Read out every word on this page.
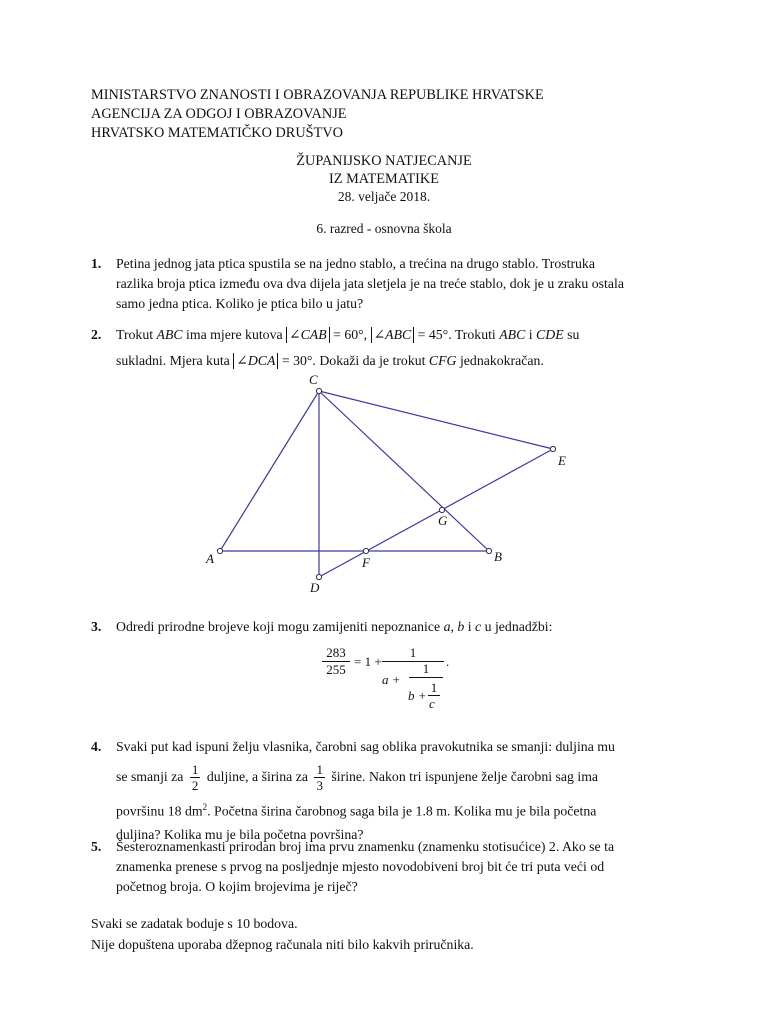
MINISTARSTVO ZNANOSTI I OBRAZOVANJA REPUBLIKE HRVATSKE
AGENCIJA ZA ODGOJ I OBRAZOVANJE
HRVATSKO MATEMATIČKO DRUŠTVO
ŽUPANIJSKO NATJECANJE
IZ MATEMATIKE
28. veljače 2018.
6. razred - osnovna škola
1. Petina jednog jata ptica spustila se na jedno stablo, a trećina na drugo stablo. Trostruka
razlika broja ptica između ova dva dijela jata sletjela je na treće stablo, dok je u zraku ostala
samo jedna ptica. Koliko je ptica bilo u jatu?
2. Trokut ABC ima mjere kutova ∠CAB = 60°, ∠ABC = 45°. Trokuti ABC i CDE su
sukladni. Mjera kuta ∠DCA = 30°. Dokaži da je trokut CFG jednakokračan.
A	B
C
D
E
F
G
3. Odredi prirodne brojeve koji mogu zamijeniti nepoznanice a, b i c u jednadžbi:
$\frac{283}{255} = 1$ +
1
a +
1
b +
1
c
.
4. Svaki put kad ispuni želju vlasnika, čarobni sag oblika pravokutnika se smanji: duljina mu
se smanji za $\frac{1}{2}$ duljine, a širina za $\frac{1}{3}$ širine. Nakon tri ispunjene želje čarobni sag ima
površinu 18 $dm^2$. Početna širina čarobnog saga bila je 1.8 m. Kolika mu je bila početna
duljina? Kolika mu je bila početna površina?
5. Šesteroznamenkasti prirodan broj ima prvu znamenku (znamenku stotisućice) 2. Ako se ta
znamenka prenese s prvog na posljednje mjesto novodobiveni broj bit će tri puta veći od
početnog broja. O kojim brojevima je riječ?
Svaki se zadatak boduje s 10 bodova.
Nije dopuštena uporaba džepnog računala niti bilo kakvih priručnika.
